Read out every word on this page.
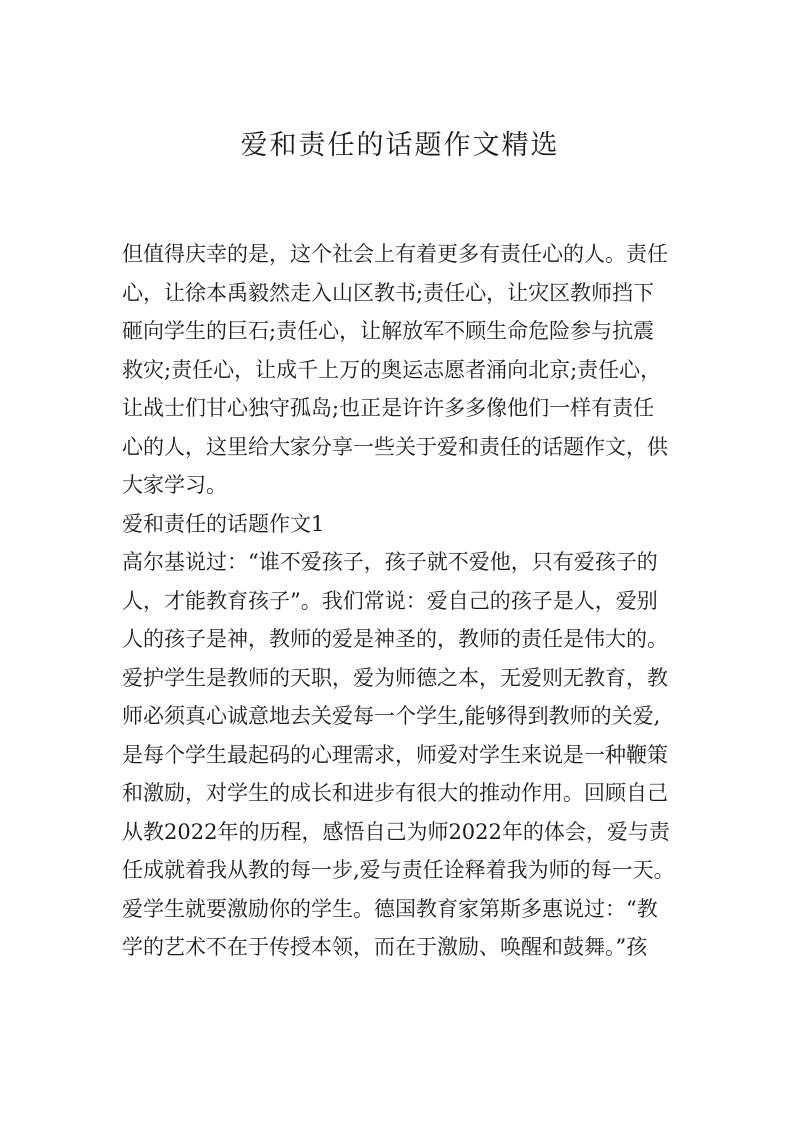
爱和责任的话题作文精选
但值得庆幸的是，这个社会上有着更多有责任心的人。责任
心，让徐本禹毅然走入山区教书;责任心，让灾区教师挡下
砸向学生的巨石;责任心，让解放军不顾生命危险参与抗震
救灾;责任心，让成千上万的奥运志愿者涌向北京;责任心，
让战士们甘心独守孤岛;也正是许许多多像他们一样有责任
心的人，这里给大家分享一些关于爱和责任的话题作文，供
大家学习。
爱和责任的话题作文1
高尔基说过：“谁不爱孩子，孩子就不爱他，只有爱孩子的
人，才能教育孩子”。我们常说：爱自己的孩子是人，爱别
人的孩子是神，教师的爱是神圣的，教师的责任是伟大的。
爱护学生是教师的天职，爱为师德之本，无爱则无教育，教
师必须真心诚意地去关爱每一个学生,能够得到教师的关爱,
是每个学生最起码的心理需求，师爱对学生来说是一种鞭策
和激励，对学生的成长和进步有很大的推动作用。回顾自己
从教2022年的历程，感悟自己为师2022年的体会，爱与责
任成就着我从教的每一步,爱与责任诠释着我为师的每一天。
爱学生就要激励你的学生。德国教育家第斯多惠说过：“教
学的艺术不在于传授本领，而在于激励、唤醒和鼓舞。”孩
